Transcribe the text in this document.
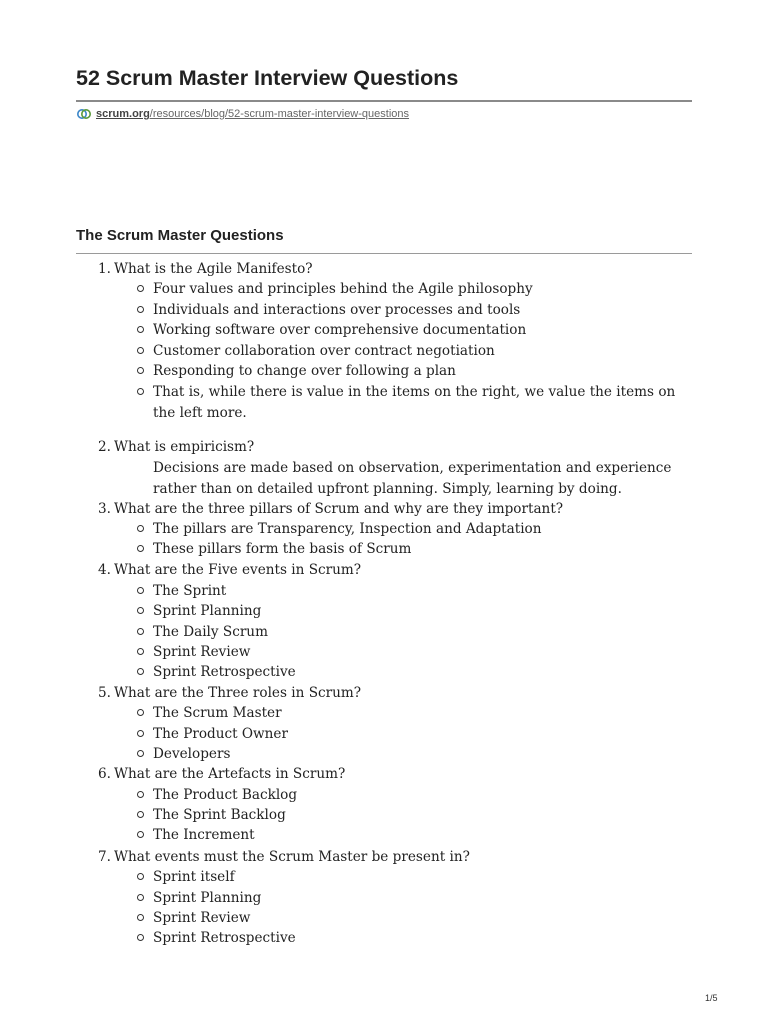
52 Scrum Master Interview Questions
scrum.org /resources/blog/52-scrum-master-interview-questions
The Scrum Master Questions
1. What is the Agile Manifesto?
Four values and principles behind the Agile philosophy
Individuals and interactions over processes and tools
Working software over comprehensive documentation
Customer collaboration over contract negotiation
Responding to change over following a plan
That is, while there is value in the items on the right, we value the items on the left more.
2. What is empiricism?
Decisions are made based on observation, experimentation and experience rather than on detailed upfront planning. Simply, learning by doing.
3. What are the three pillars of Scrum and why are they important?
The pillars are Transparency, Inspection and Adaptation
These pillars form the basis of Scrum
4. What are the Five events in Scrum?
The Sprint
Sprint Planning
The Daily Scrum
Sprint Review
Sprint Retrospective
5. What are the Three roles in Scrum?
The Scrum Master
The Product Owner
Developers
6. What are the Artefacts in Scrum?
The Product Backlog
The Sprint Backlog
The Increment
7. What events must the Scrum Master be present in?
Sprint itself
Sprint Planning
Sprint Review
Sprint Retrospective
1/5
